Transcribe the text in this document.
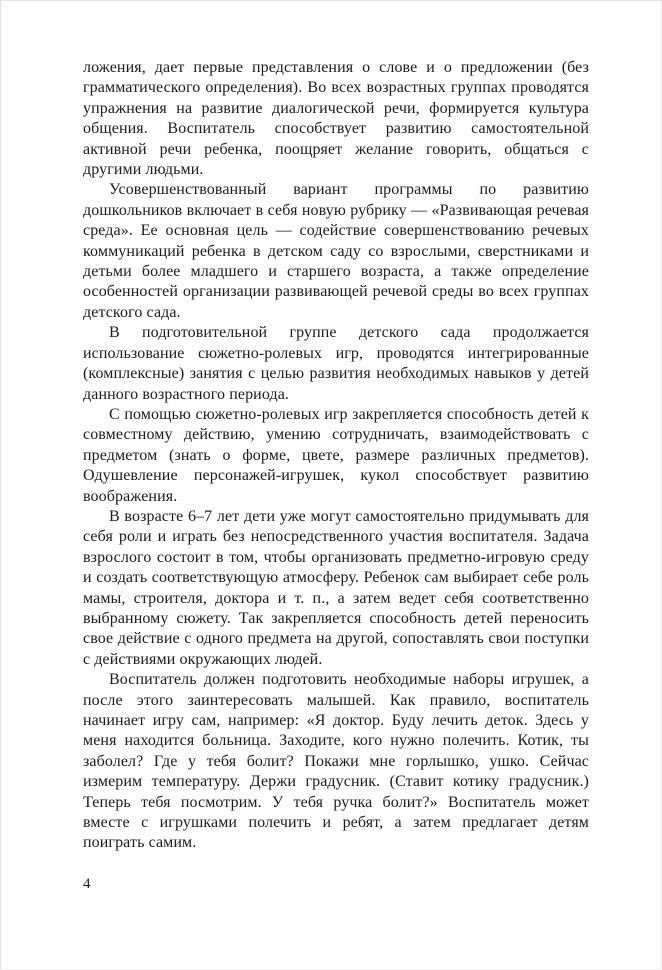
ложения, дает первые представления о слове и о предложении (без грамматического определения). Во всех возрастных группах проводятся упражнения на развитие диалогической речи, формируется культура общения. Воспитатель способствует развитию самостоятельной активной речи ребенка, поощряет желание говорить, общаться с другими людьми.

Усовершенствованный вариант программы по развитию дошкольников включает в себя новую рубрику — «Развивающая речевая среда». Ее основная цель — содействие совершенствованию речевых коммуникаций ребенка в детском саду со взрослыми, сверстниками и детьми более младшего и старшего возраста, а также определение особенностей организации развивающей речевой среды во всех группах детского сада.

В подготовительной группе детского сада продолжается использование сюжетно-ролевых игр, проводятся интегрированные (комплексные) занятия с целью развития необходимых навыков у детей данного возрастного периода.

С помощью сюжетно-ролевых игр закрепляется способность детей к совместному действию, умению сотрудничать, взаимодействовать с предметом (знать о форме, цвете, размере различных предметов). Одушевление персонажей-игрушек, кукол способствует развитию воображения.

В возрасте 6–7 лет дети уже могут самостоятельно придумывать для себя роли и играть без непосредственного участия воспитателя. Задача взрослого состоит в том, чтобы организовать предметно-игровую среду и создать соответствующую атмосферу. Ребенок сам выбирает себе роль мамы, строителя, доктора и т. п., а затем ведет себя соответственно выбранному сюжету. Так закрепляется способность детей переносить свое действие с одного предмета на другой, сопоставлять свои поступки с действиями окружающих людей.

Воспитатель должен подготовить необходимые наборы игрушек, а после этого заинтересовать малышей. Как правило, воспитатель начинает игру сам, например: «Я доктор. Буду лечить деток. Здесь у меня находится больница. Заходите, кого нужно полечить. Котик, ты заболел? Где у тебя болит? Покажи мне горлышко, ушко. Сейчас измерим температуру. Держи градусник. (Ставит котику градусник.) Теперь тебя посмотрим. У тебя ручка болит?» Воспитатель может вместе с игрушками полечить и ребят, а затем предлагает детям поиграть самим.

4
